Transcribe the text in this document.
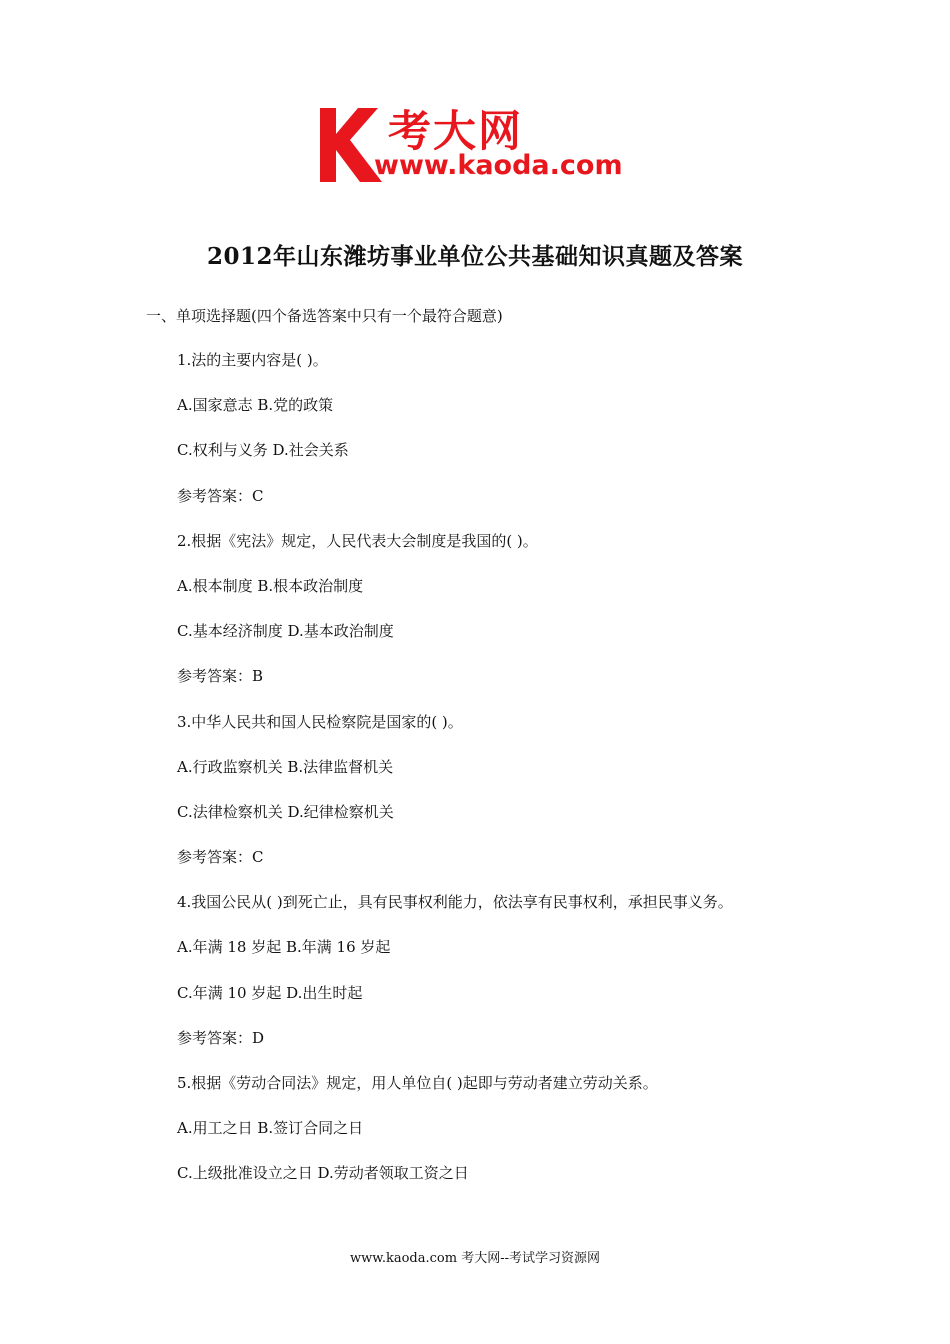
考大网
www.kaoda.com
2012年山东潍坊事业单位公共基础知识真题及答案
一、单项选择题(四个备选答案中只有一个最符合题意)
1.法的主要内容是( )。
A.国家意志 B.党的政策
C.权利与义务 D.社会关系
参考答案：C
2.根据《宪法》规定，人民代表大会制度是我国的( )。
A.根本制度 B.根本政治制度
C.基本经济制度 D.基本政治制度
参考答案：B
3.中华人民共和国人民检察院是国家的( )。
A.行政监察机关 B.法律监督机关
C.法律检察机关 D.纪律检察机关
参考答案：C
4.我国公民从( )到死亡止，具有民事权利能力，依法享有民事权利，承担民事义务。
A.年满 18 岁起 B.年满 16 岁起
C.年满 10 岁起 D.出生时起
参考答案：D
5.根据《劳动合同法》规定，用人单位自( )起即与劳动者建立劳动关系。
A.用工之日 B.签订合同之日
C.上级批准设立之日 D.劳动者领取工资之日
www.kaoda.com 考大网--考试学习资源网
